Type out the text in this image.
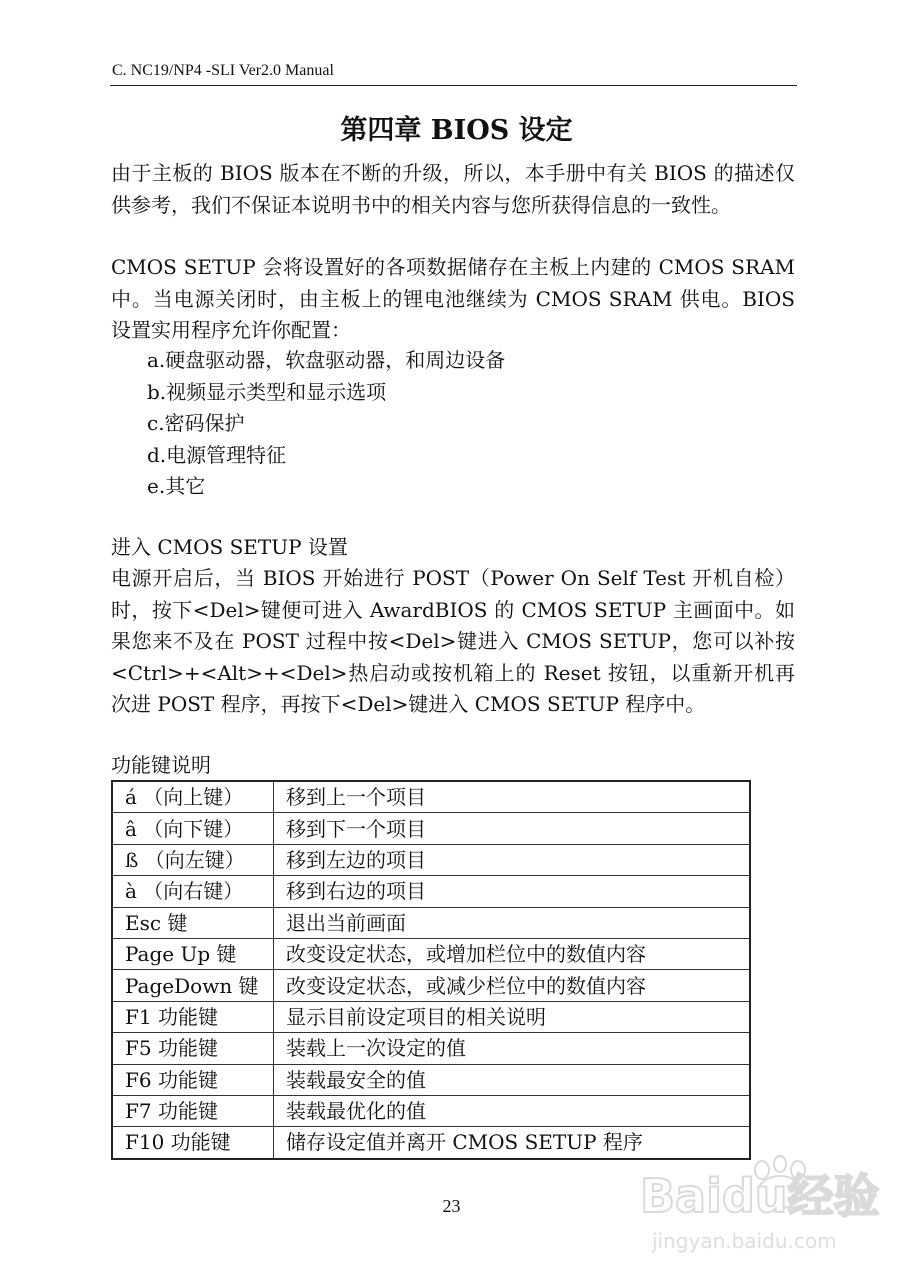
C. NC19/NP4 -SLI Ver2.0 Manual
第四章 BIOS 设定

由于主板的 BIOS 版本在不断的升级，所以，本手册中有关 BIOS 的描述仅供参考，我们不保证本说明书中的相关内容与您所获得信息的一致性。

CMOS SETUP 会将设置好的各项数据储存在主板上内建的 CMOS SRAM 中。当电源关闭时，由主板上的锂电池继续为 CMOS SRAM 供电。BIOS 设置实用程序允许你配置：

a.硬盘驱动器，软盘驱动器，和周边设备
b.视频显示类型和显示选项
c.密码保护
d.电源管理特征
e.其它
进入 CMOS SETUP 设置

电源开启后，当 BIOS 开始进行 POST（Power On Self Test 开机自检）时，按下<Del>键便可进入 AwardBIOS 的 CMOS SETUP 主画面中。如果您来不及在 POST 过程中按<Del>键进入 CMOS SETUP，您可以补按<Ctrl>+<Alt>+<Del>热启动或按机箱上的 Reset 按钮，以重新开机再次进 POST 程序，再按下<Del>键进入 CMOS SETUP 程序中。

功能键说明
á （向上键）	移到上一个项目
â （向下键）	移到下一个项目
ß （向左键）	移到左边的项目
à （向右键）	移到右边的项目
Esc 键	退出当前画面
Page Up 键	改变设定状态，或增加栏位中的数值内容
PageDown 键	改变设定状态，或减少栏位中的数值内容
F1 功能键	显示目前设定项目的相关说明
F5 功能键	装载上一次设定的值
F6 功能键	装载最安全的值
F7 功能键	装载最优化的值
F10 功能键	储存设定值并离开 CMOS SETUP 程序
23	Baidu经验
jingyan.baidu.com
